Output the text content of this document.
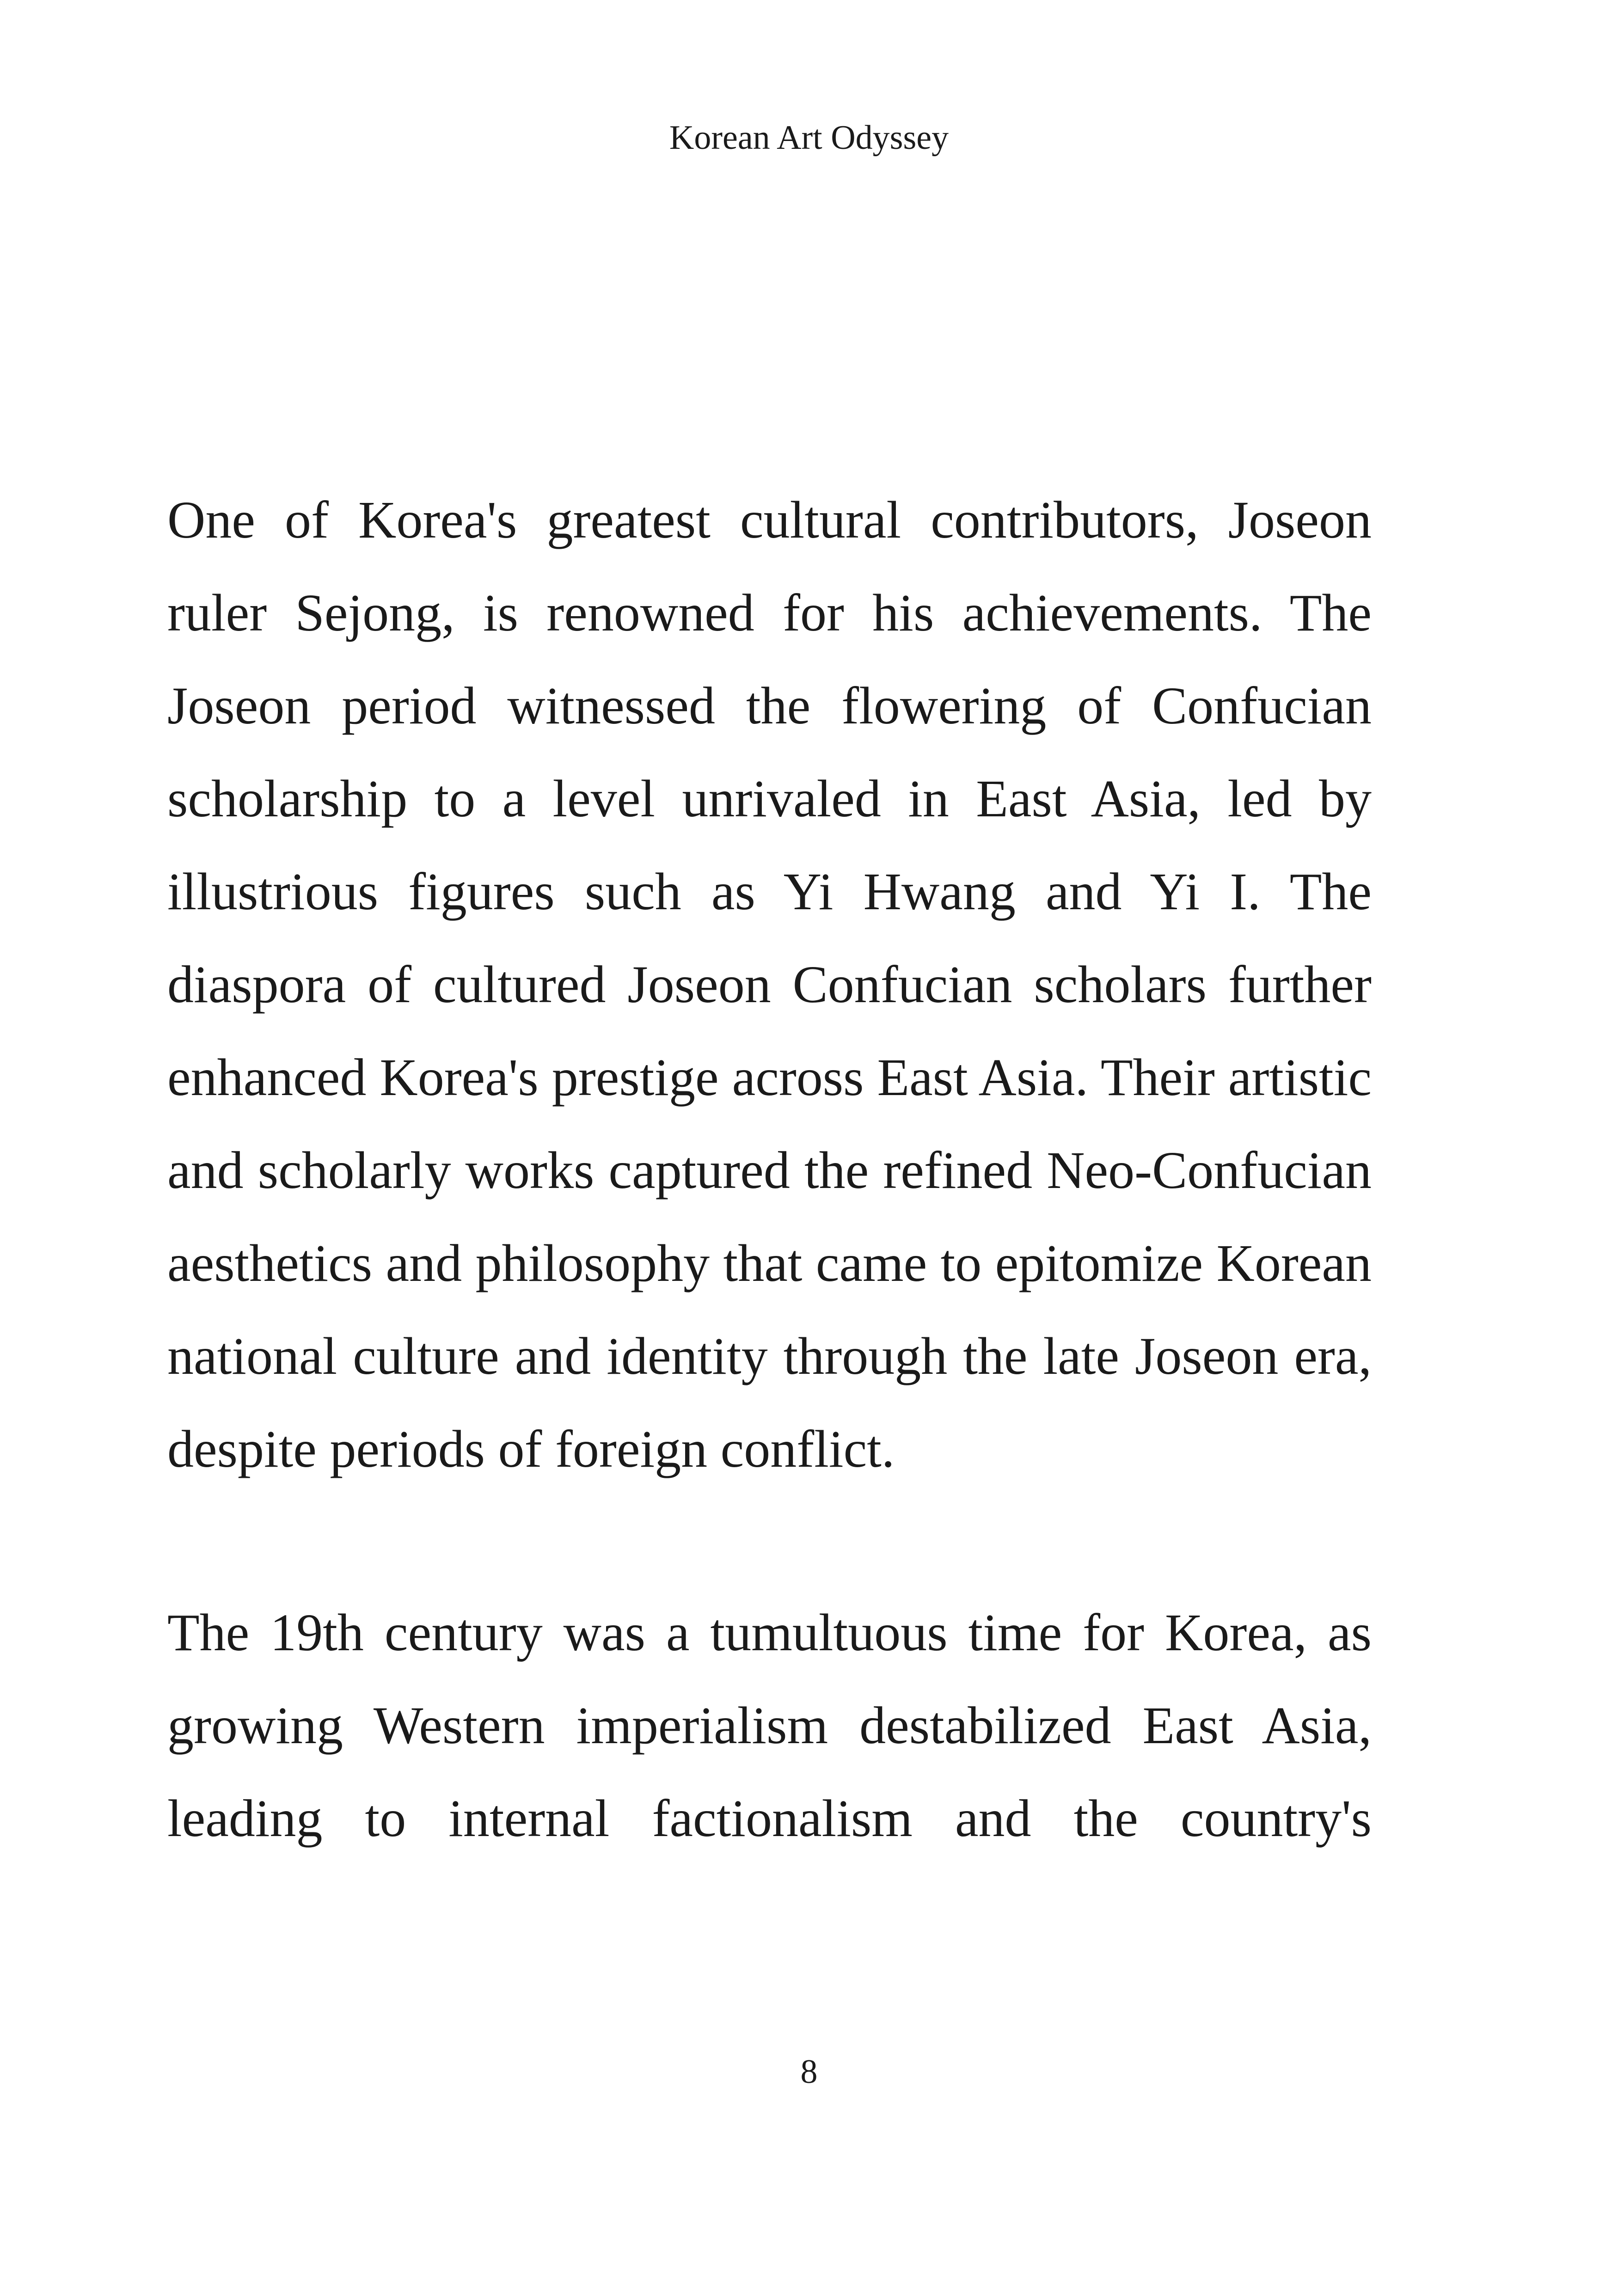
Korean Art Odyssey

One of Korea's greatest cultural contributors, Joseon ruler Sejong, is renowned for his achievements. The Joseon period witnessed the flowering of Confucian scholarship to a level unrivaled in East Asia, led by illustrious figures such as Yi Hwang and Yi I. The diaspora of cultured Joseon Confucian scholars further enhanced Korea's prestige across East Asia. Their artistic and scholarly works captured the refined Neo-Confucian aesthetics and philosophy that came to epitomize Korean national culture and identity through the late Joseon era, despite periods of foreign conflict.

The 19th century was a tumultuous time for Korea, as growing Western imperialism destabilized East Asia, leading to internal factionalism and the country's

8
